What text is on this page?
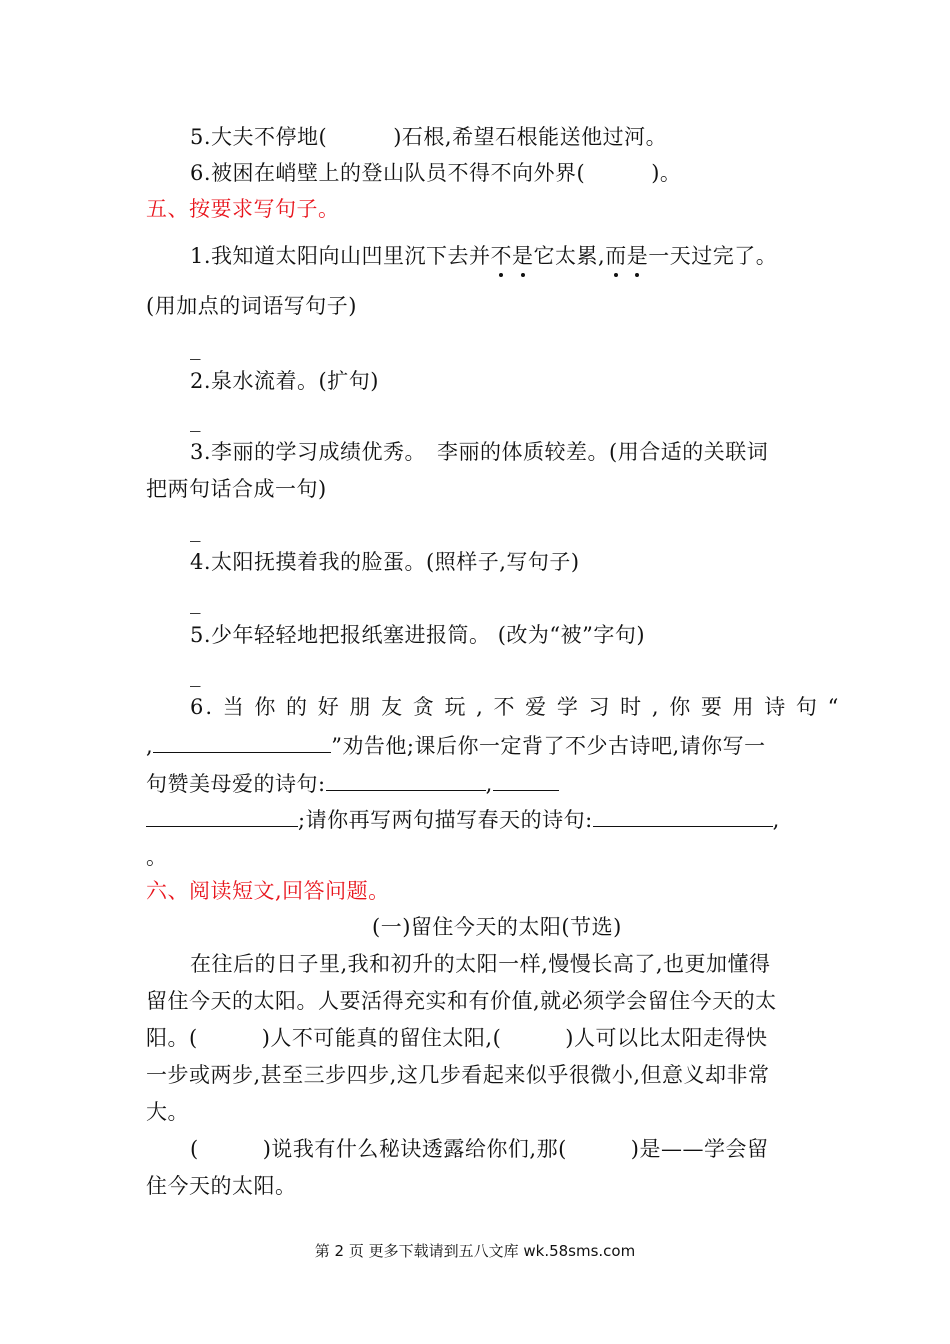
5.大夫不停地(	)石根,希望石根能送他过河。
6.被困在峭壁上的登山队员不得不向外界(	)。
五、按要求写句子。
1.我知道太阳向山凹里沉下去并不是它太累,而是一天过完了。
(用加点的词语写句子)
_
2.泉水流着。(扩句)
_
3.李丽的学习成绩优秀。　李丽的体质较差。(用合适的关联词
把两句话合成一句)
_
4.太阳抚摸着我的脸蛋。(照样子,写句子)
_
5.少年轻轻地把报纸塞进报筒。 (改为“被”字句)
_
6. 当 你 的 好 朋 友 贪 玩 , 不 爱 学 习 时 , 你 要 用 诗 句 “
,	”劝告他;课后你一定背了不少古诗吧,请你写一
句赞美母爱的诗句:	,
;请你再写两句描写春天的诗句:	,
。
六、阅读短文,回答问题。
(一)留住今天的太阳(节选)
在往后的日子里,我和初升的太阳一样,慢慢长高了,也更加懂得
留住今天的太阳。人要活得充实和有价值,就必须学会留住今天的太
阳。(	)人不可能真的留住太阳,(	)人可以比太阳走得快
一步或两步,甚至三步四步,这几步看起来似乎很微小,但意义却非常
大。
(	)说我有什么秘诀透露给你们,那(	)是——学会留
住今天的太阳。
第 2 页 更多下载请到五八文库 wk.58sms.com
